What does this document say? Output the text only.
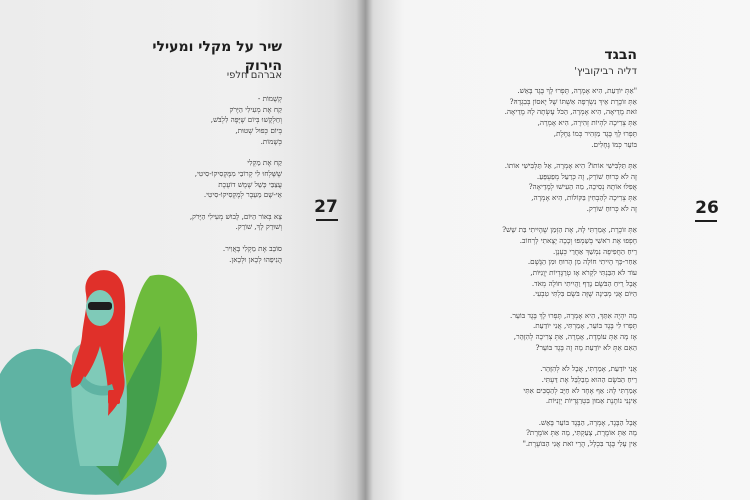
שיר על מקלי ומעילי הירוק
אברהם חלפי
קְשָׁמוֹת -
קַח אֶת מְעִילִי הַיָּרֹק
וְחַלְקָשׁוּ בְּיוֹם שֶׁיָּפֶה לִלְבֹּשׁ,
בְּיוֹם כְּפוּל שְׁטוּת,
כְּשָׁמוֹת.
קַח אֶת מַקְלִי
שֶׁשָּׁלְחוּ לִי קְרוֹבַי מִמֶּקְסִיקוֹ-סִיטִי,
עֲצַבַּי כָּשֵׁל שֶׁמֶשׁ דוֹעֶכֶת
אֵי-שָׁם מֵעֵבֶר לְמֶקְסִיקוֹ-סִיטִי.
צֵא בְּאוֹר הַיּוֹם, לָבוּשׁ מְעִילִי הַיָּרֹק,
וְשׁוּרֵק לָךְ, שׁוֹרֵק.
סוֹבֵב אֶת מַקְלִי בָּאֲוִיר.
הֲנִיפֵהוּ לְכָאן וּלְכָאן.
27
הבגד
דליה רביקוביץ'
"אַתְּ יוֹדַעַת, הִיא אָמְרָה, תָּפְרוּ לָךְ בֶּגֶד בָּאֵשׁ.
אַתְּ זוֹכֶרֶת אֵיךְ נִשְׂרְפָה אִשְׁתּוֹ שֶׁל יָאסוֹן בְּבִגְדָהּ?
זֹאת מֶדֵיאָה, הִיא אָמְרָה, הַכֹּל עָשְׂתָה לָהּ מֶדֵיאָה.
אַתְּ צְרִיכָה לִהְיוֹת זְהִירָה, הִיא אָמְרָה,
תָּפְרוּ לָךְ בֶּגֶד מַזְהִיר כְּמוֹ גַּחֶלֶת,
בּוֹעֵר כְּמוֹ גֶּחָלִים.
אַתְּ תַּלְבִּישִׁי אוֹתוֹ? הִיא אָמְרָה, אַל תַּלְבִּישִׁי אוֹתוֹ.
זֶה לֹא כְּרוּחַ שׁוֹרֵק, זֶה כְּרַעַל מְפַעְפֵּעַ.
אֲפִלּוּ אוֹתָהּ נְסִיכָה, מַה הֵעִישׁוּ לְמֶדֵיאָה?
אַתְּ צְרִיכָה לְהַבְחִין בַּקּוֹלוֹת, הִיא אָמְרָה,
זֶה לֹא כְּרוּחַ שׁוֹרֵק.
אַתְּ זוֹכֶרֶת, אָמַרְתִּי לָהּ, אֶת הַזְּמַן שֶׁהָיִיתִי בַּת שֵׁשׁ?
חָפְפוּ אֶת רֹאשִׁי בְּשַׁמְפּוּ וְכָכָה יָצָאתִי לָרְחוֹב.
רֵיחַ הַחֲפִיפָה נִמְשַׁךְ אַחֲרַי כְּעָנָן.
אַחַר-כָּךְ הָיִיתִי חוֹלָה מִן הָרוּחַ וּמִן הַגֶּשֶׁם.
עוֹד לֹא הִבַּנְתִּי לִקְרֹא אָז טְרַגֶּדְיוֹת יְוָנִיּוֹת,
אֲבָל רֵיחַ הַבֹּשֶׂם נָדַף וַהֲיִיתִי חוֹלָה מְאֹד.
הַיּוֹם אֲנִי מְבִינָה שֶׁזֶּה בֹּשֶׂם בִּלְתִּי טִבְעִי.
מָה יִהְיֶה אִתֵּךְ, הִיא אָמְרָה, תָּפְרוּ לָךְ בֶּגֶד בּוֹעֵר.
תָּפְרוּ לִי בֶּגֶד בּוֹעֵר, אָמַרְתִּי, אֲנִי יוֹדַעַת.
אָז מָה אַתְּ עוֹמֶדֶת, אָמְרָה, אַתְּ צְרִיכָה לְהִזָּהֵר,
הַאִם אַתְּ לֹא יוֹדַעַת מָה זֶה בֶּגֶד בּוֹעֵר?
אֲנִי יוֹדַעַת, אָמַרְתִּי, אֲבָל לֹא לְהִזָּהֵר.
רֵיחַ הַבֹּשֶׂם הַהוּא מְבַלְבֵּל אֶת דַּעְתִּי.
אָמַרְתִּי לָהּ: אַף אֶחָד לֹא חַיָּב לְהַסְכִּים אִתִּי
אֵינֶנִּי נוֹתֶנֶת אֵמוּן בִּטְרַגֶּדְיוֹת יְוָנִיּוֹת.
אֲבָל הַבֶּגֶד, אָמְרָה, הַבֶּגֶד בּוֹעֵר בָּאֵשׁ.
מָה אַתְּ אוֹמֶרֶת, צָעַקְתִּי, מָה אַתְּ אוֹמֶרֶת?
אֵין עָלַי בֶּגֶד בִּכְלָל, הֲרֵי זֹאת אֲנִי הַבּוֹעֶרֶת."
26
